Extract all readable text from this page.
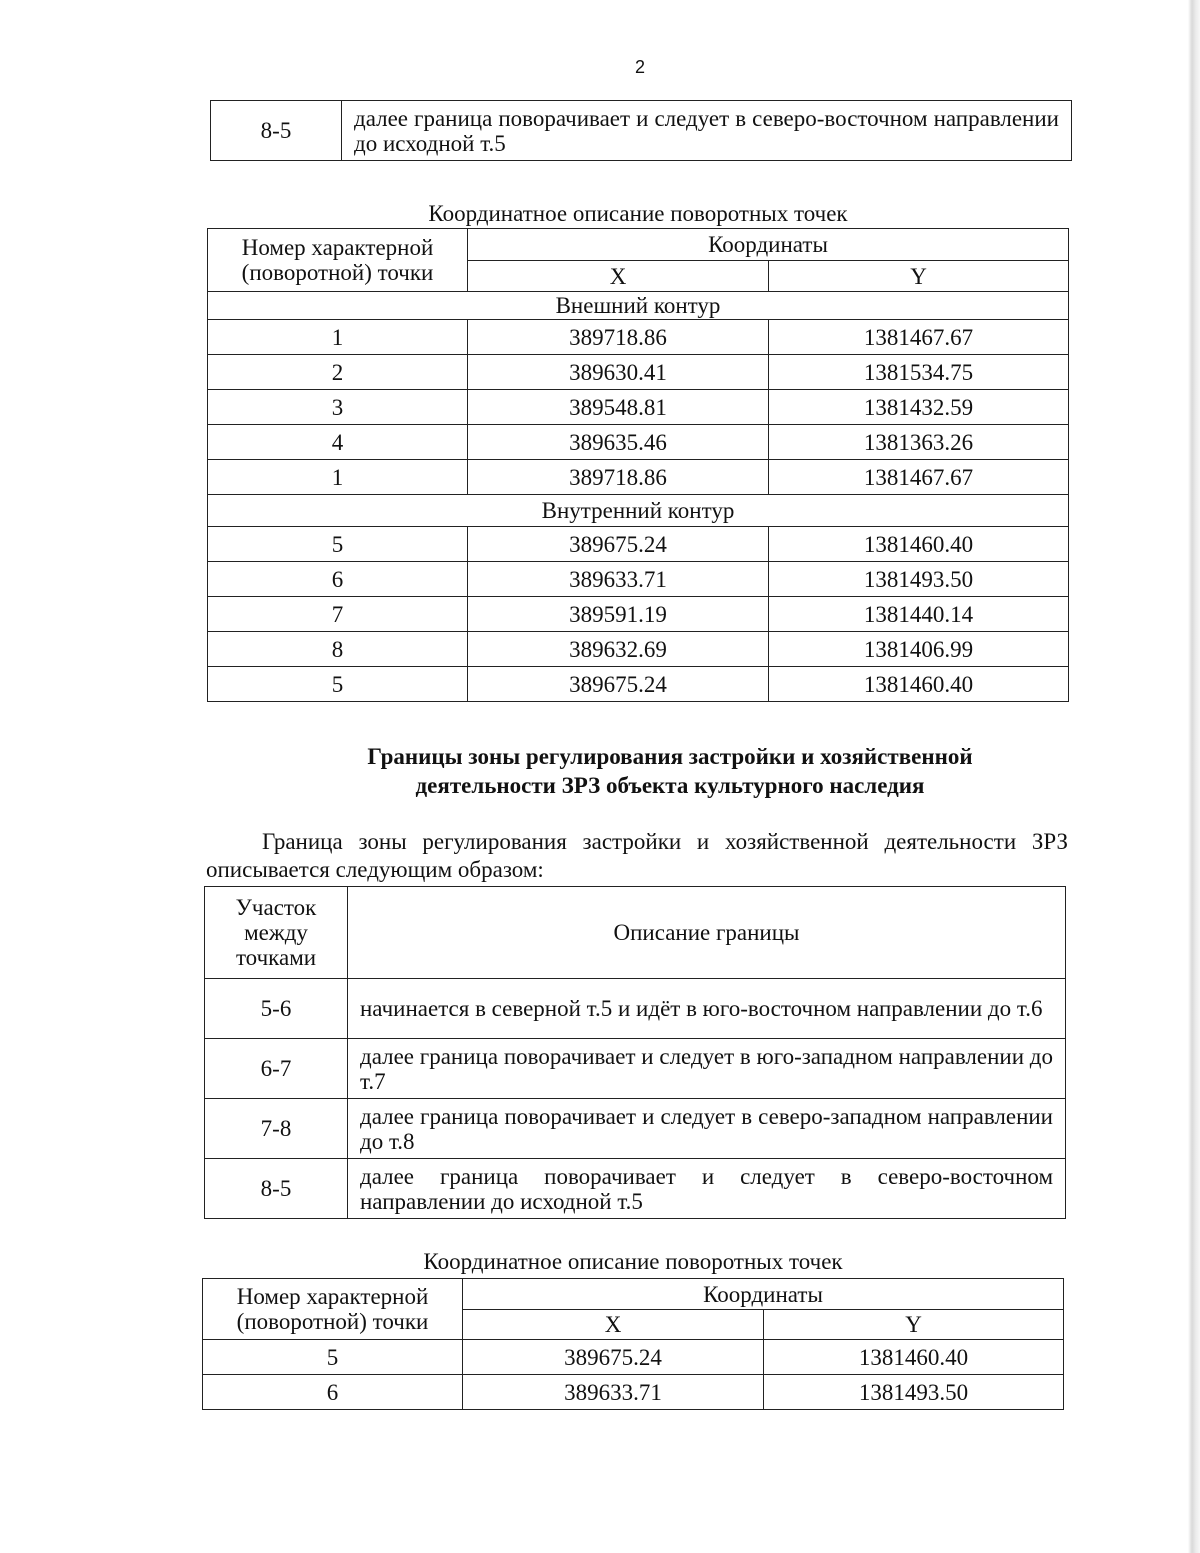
2
8-5	далее граница поворачивает и следует в северо-восточном направлении до исходной т.5
Координатное описание поворотных точек
Номер характерной (поворотной) точки	Координаты	
	X	Y
Внешний контур		
1	389718.86	1381467.67
2	389630.41	1381534.75
3	389548.81	1381432.59
4	389635.46	1381363.26
1	389718.86	1381467.67
Внутренний контур		
5	389675.24	1381460.40
6	389633.71	1381493.50
7	389591.19	1381440.14
8	389632.69	1381406.99
5	389675.24	1381460.40
Границы зоны регулирования застройки и хозяйственной
деятельности ЗРЗ объекта культурного наследия
Граница зоны регулирования застройки и хозяйственной деятельности ЗРЗ описывается следующим образом:
Участок между точками	Описание границы
5-6	начинается в северной т.5 и идёт в юго-восточном направлении до т.6
6-7	далее граница поворачивает и следует в юго-западном направлении до т.7
7-8	далее граница поворачивает и следует в северо-западном направлении до т.8
8-5	далее граница поворачивает и следует в северо-восточном направлении до исходной т.5
Координатное описание поворотных точек
Номер характерной (поворотной) точки	Координаты	
	X	Y
5	389675.24	1381460.40
6	389633.71	1381493.50
